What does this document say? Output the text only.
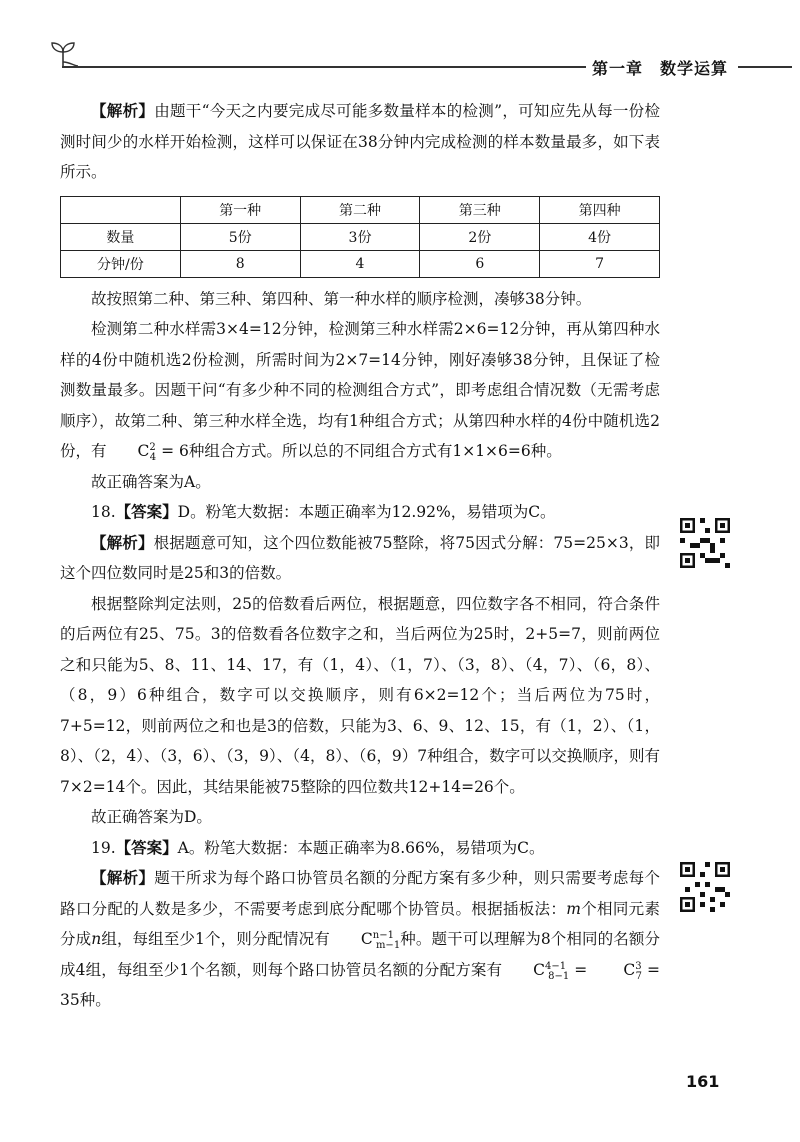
第一章　数学运算

【解析】由题干“今天之内要完成尽可能多数量样本的检测”，可知应先从每一份检测时间少的水样开始检测，这样可以保证在38分钟内完成检测的样本数量最多，如下表所示。

	第一种	第二种	第三种	第四种
数量	5份	3份	2份	4份
分钟/份	8	4	6	7

故按照第二种、第三种、第四种、第一种水样的顺序检测，凑够38分钟。

检测第二种水样需3×4=12分钟，检测第三种水样需2×6=12分钟，再从第四种水样的4份中随机选2份检测，所需时间为2×7=14分钟，刚好凑够38分钟，且保证了检测数量最多。因题干问“有多少种不同的检测组合方式”，即考虑组合情况数（无需考虑顺序），故第二种、第三种水样全选，均有1种组合方式；从第四种水样的4份中随机选2份，有 $C^2_4 = 6$种组合方式。所以总的不同组合方式有1×1×6=6种。

故正确答案为A。

18.【答案】D。粉笔大数据：本题正确率为12.92%，易错项为C。

【解析】根据题意可知，这个四位数能被75整除，将75因式分解：75=25×3，即这个四位数同时是25和3的倍数。

根据整除判定法则，25的倍数看后两位，根据题意，四位数字各不相同，符合条件的后两位有25、75。3的倍数看各位数字之和，当后两位为25时，2+5=7，则前两位之和只能为5、8、11、14、17，有（1，4）、（1，7）、（3，8）、（4，7）、（6，8）、（8，9）6种组合，数字可以交换顺序，则有6×2=12个；当后两位为75时，7+5=12，则前两位之和也是3的倍数，只能为3、6、9、12、15，有（1，2）、（1，8）、（2，4）、（3，6）、（3，9）、（4，8）、（6，9）7种组合，数字可以交换顺序，则有7×2=14个。因此，其结果能被75整除的四位数共12+14=26个。

故正确答案为D。

19.【答案】A。粉笔大数据：本题正确率为8.66%，易错项为C。

【解析】题干所求为每个路口协管员名额的分配方案有多少种，则只需要考虑每个路口分配的人数是多少，不需要考虑到底分配哪个协管员。根据插板法：m个相同元素分成n组，每组至少1个，则分配情况有 $C^{n-1}_{m-1}$种。题干可以理解为8个相同的名额分成4组，每组至少1个名额，则每个路口协管员名额的分配方案有 $C^{4-1}_{8-1} = C^3_7 = 35$种。

161
